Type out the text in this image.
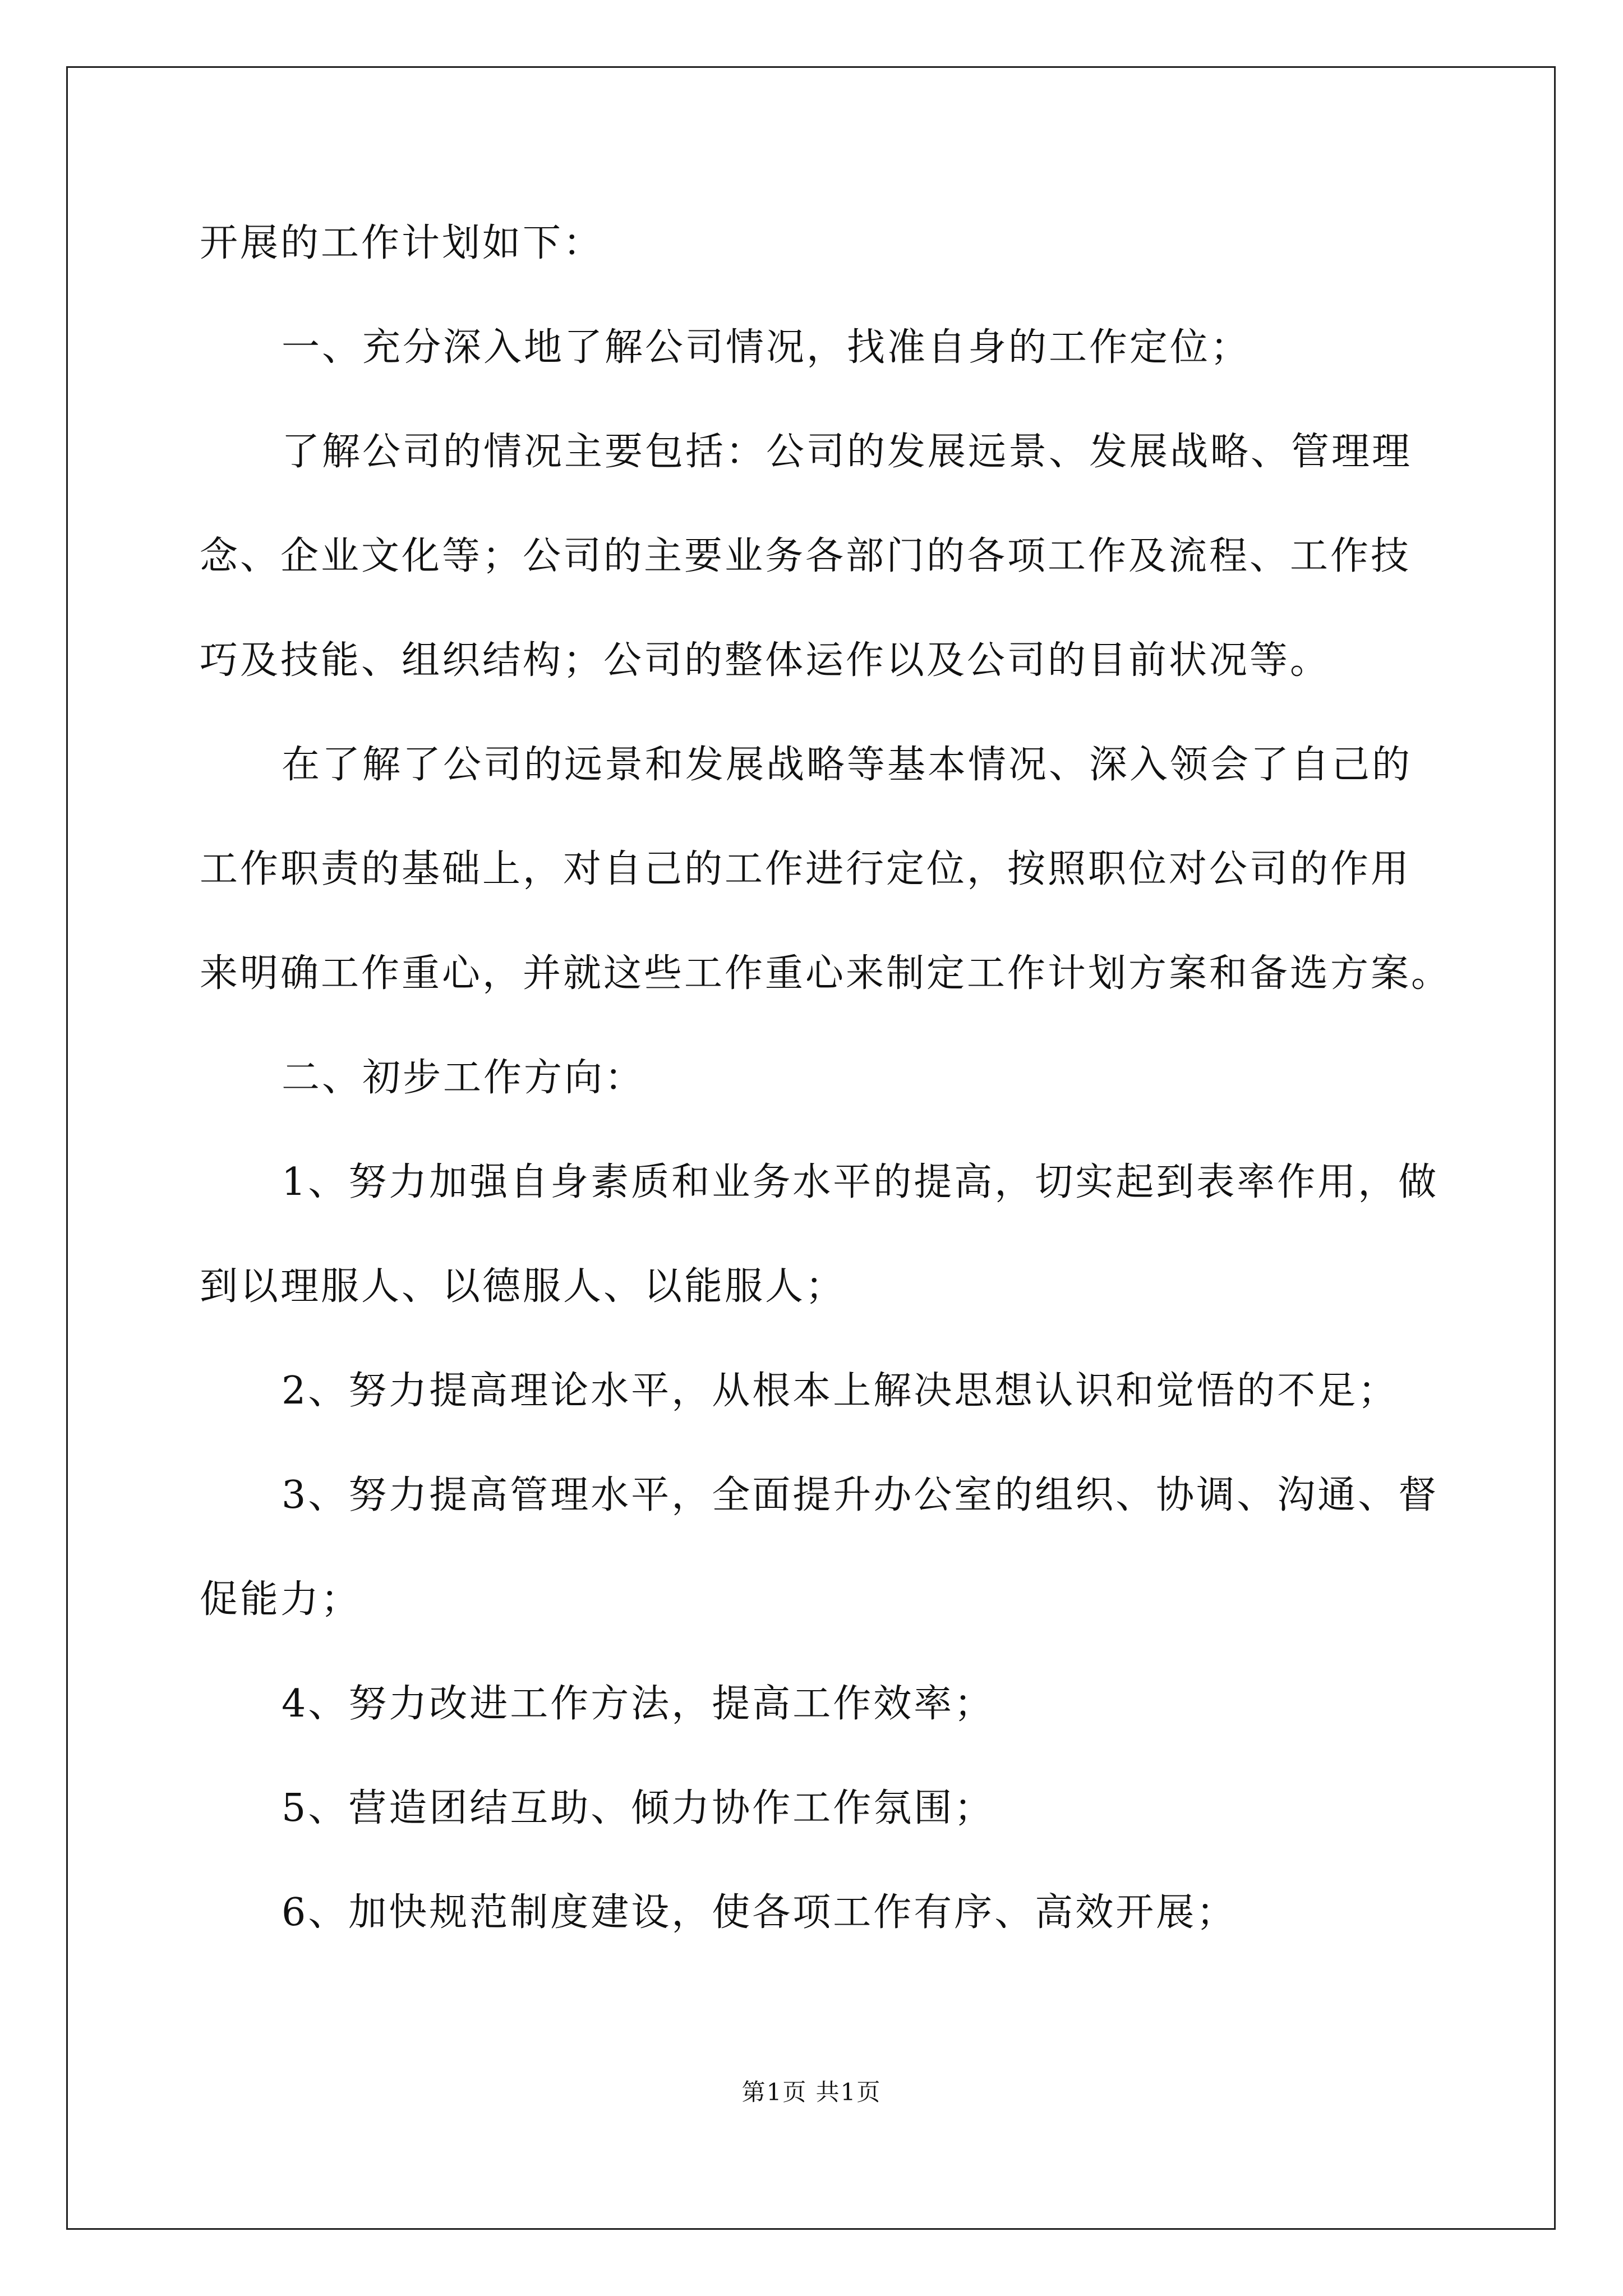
开展的工作计划如下：
一、充分深入地了解公司情况，找准自身的工作定位；
了解公司的情况主要包括：公司的发展远景、发展战略、管理理
念、企业文化等；公司的主要业务各部门的各项工作及流程、工作技
巧及技能、组织结构；公司的整体运作以及公司的目前状况等。
在了解了公司的远景和发展战略等基本情况、深入领会了自己的
工作职责的基础上，对自己的工作进行定位，按照职位对公司的作用
来明确工作重心，并就这些工作重心来制定工作计划方案和备选方案。
二、初步工作方向：
1、努力加强自身素质和业务水平的提高，切实起到表率作用，做
到以理服人、以德服人、以能服人；
2、努力提高理论水平，从根本上解决思想认识和觉悟的不足；
3、努力提高管理水平，全面提升办公室的组织、协调、沟通、督
促能力；
4、努力改进工作方法，提高工作效率；
5、营造团结互助、倾力协作工作氛围；
6、加快规范制度建设，使各项工作有序、高效开展；
第1页 共1页
